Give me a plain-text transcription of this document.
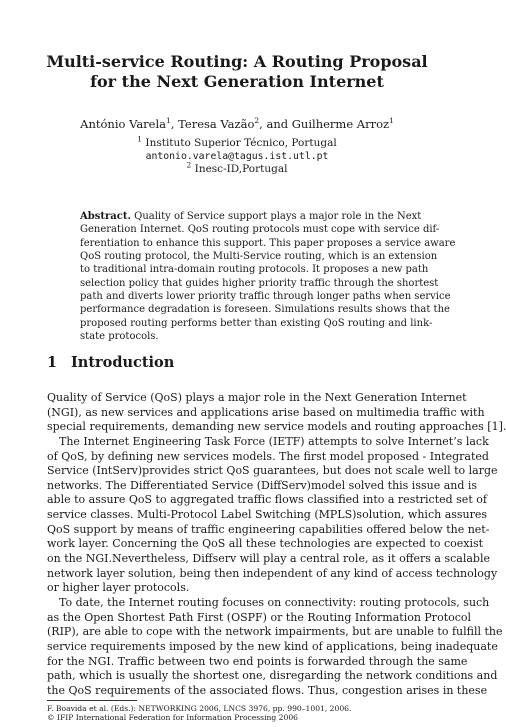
Multi-service Routing: A Routing Proposal
for the Next Generation Internet
António Varela$^1$, Teresa Vazão$^2$, and Guilherme Arroz$^1$
$^1$ Instituto Superior Técnico, Portugal
antonio.varela@tagus.ist.utl.pt
$^2$ Inesc-ID,Portugal
Abstract. Quality of Service support plays a major role in the Next
Generation Internet. QoS routing protocols must cope with service dif-
ferentiation to enhance this support. This paper proposes a service aware
QoS routing protocol, the Multi-Service routing, which is an extension
to traditional intra-domain routing protocols. It proposes a new path
selection policy that guides higher priority traffic through the shortest
path and diverts lower priority traffic through longer paths when service
performance degradation is foreseen. Simulations results shows that the
proposed routing performs better than existing QoS routing and link-
state protocols.
1 Introduction
Quality of Service (QoS) plays a major role in the Next Generation Internet
(NGI), as new services and applications arise based on multimedia traffic with
special requirements, demanding new service models and routing approaches [1].
The Internet Engineering Task Force (IETF) attempts to solve Internet’s lack
of QoS, by defining new services models. The first model proposed - Integrated
Service (IntServ)provides strict QoS guarantees, but does not scale well to large
networks. The Differentiated Service (DiffServ)model solved this issue and is
able to assure QoS to aggregated traffic flows classified into a restricted set of
service classes. Multi-Protocol Label Switching (MPLS)solution, which assures
QoS support by means of traffic engineering capabilities offered below the net-
work layer. Concerning the QoS all these technologies are expected to coexist
on the NGI.Nevertheless, Diffserv will play a central role, as it offers a scalable
network layer solution, being then independent of any kind of access technology
or higher layer protocols.
To date, the Internet routing focuses on connectivity: routing protocols, such
as the Open Shortest Path First (OSPF) or the Routing Information Protocol
(RIP), are able to cope with the network impairments, but are unable to fulfill the
service requirements imposed by the new kind of applications, being inadequate
for the NGI. Traffic between two end points is forwarded through the same
path, which is usually the shortest one, disregarding the network conditions and
the QoS requirements of the associated flows. Thus, congestion arises in these
F. Boavida et al. (Eds.): NETWORKING 2006, LNCS 3976, pp. 990–1001, 2006.
© IFIP International Federation for Information Processing 2006
